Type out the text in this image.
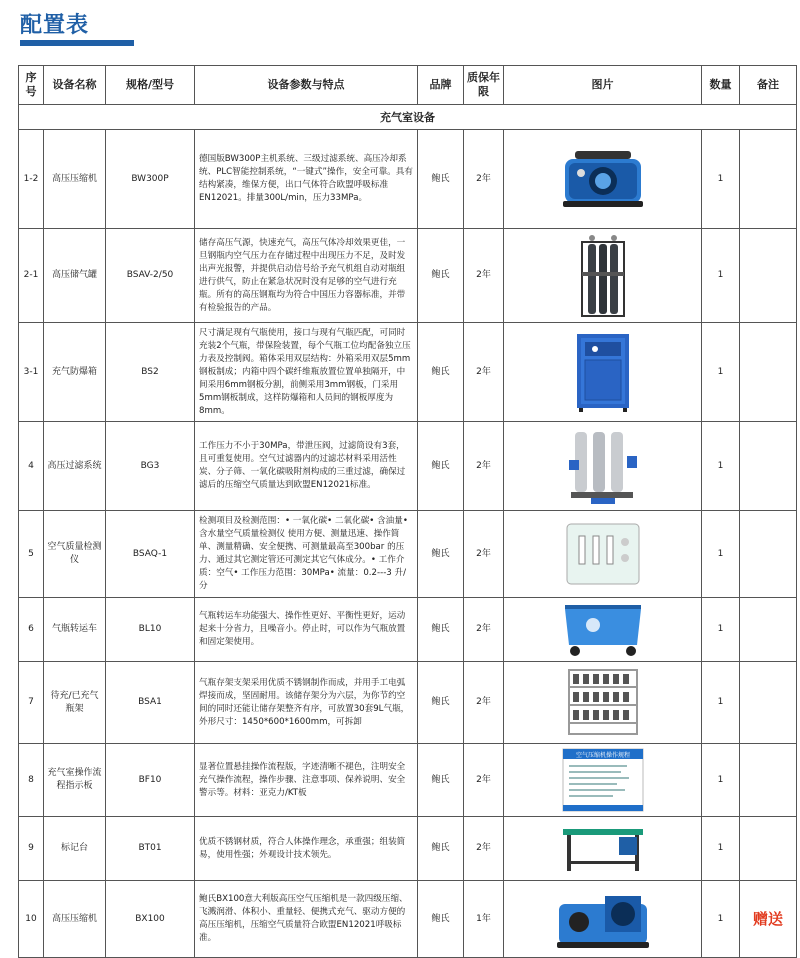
配置表
序号	设备名称	规格/型号	设备参数与特点	品牌	质保年限	图片	数量	备注
充气室设备								
1-2	高压压缩机	BW300P	德国版BW300P主机系统、三级过滤系统、高压冷却系统、PLC智能控制系统，“一键式”操作，安全可靠。具有结构紧凑，维保方便，出口气体符合欧盟呼吸标准EN12021。排量300L/min，压力33MPa。	鲍氏	2年		1	
2-1	高压储气罐	BSAV-2/50	储存高压气源，快速充气，高压气体冷却效果更佳，一旦钢瓶内空气压力在存储过程中出现压力不足，及时发出声光报警，并提供启动信号给予充气机组自动对瓶组进行供气，防止在紧急状况时没有足够的空气进行充瓶。所有的高压钢瓶均为符合中国压力容器标准，并带有检验报告的产品。	鲍氏	2年		1	
3-1	充气防爆箱	BS2	尺寸满足现有气瓶使用，接口与现有气瓶匹配，可同时充装2个气瓶，带保险装置，每个气瓶工位均配备独立压力表及控制阀。箱体采用双层结构：外箱采用双层5mm钢板制成；内箱中四个碳纤维瓶放置位置单独隔开，中间采用6mm钢板分割，前侧采用3mm钢板，门采用5mm钢板制成，这样防爆箱和人员间的钢板厚度为8mm。	鲍氏	2年		1	
4	高压过滤系统	BG3	工作压力不小于30MPa，带泄压阀，过滤筒设有3套，且可重复使用。空气过滤器内的过滤芯材料采用活性炭、分子筛、一氧化碳吸附剂构成的三重过滤，确保过滤后的压缩空气质量达到欧盟EN12021标准。	鲍氏	2年		1	
5	空气质量检测仪	BSAQ-1	检测项目及检测范围：• 一氧化碳• 二氧化碳• 含油量• 含水量空气质量检测仪 使用方便、测量迅速、操作简单、测量精确、安全便携、可测量最高至300bar 的压力、通过其它测定管还可测定其它气体成分。• 工作介质：空气• 工作压力范围：30MPa• 流量：0.2---3 升/分	鲍氏	2年		1	
6	气瓶转运车	BL10	气瓶转运车功能强大、操作性更好、平衡性更好，运动起来十分省力，且噪音小。停止时，可以作为气瓶放置和固定架使用。	鲍氏	2年		1	
7	待充/已充气瓶架	BSA1	气瓶存架支架采用优质不锈钢制作而成，并用手工电弧焊接而成，坚固耐用。该储存架分为六层，为你节约空间的同时还能让储存架整齐有序，可放置30套9L气瓶，外形尺寸：1450*600*1600mm，可拆卸	鲍氏	2年		1	
8	充气室操作流程指示板	BF10	显著位置悬挂操作流程版，字迹清晰不褪色，注明安全充气操作流程，操作步骤、注意事项、保养说明、安全警示等。材料：亚克力/KT板	鲍氏	2年	空气压缩机操作规程	1	
9	标记台	BT01	优质不锈钢材质，符合人体操作理念，承重强；组装简易，使用性强；外观设计技术领先。	鲍氏	2年		1	
10	高压压缩机	BX100	鲍氏BX100意大利版高压空气压缩机是一款四级压缩、飞溅润滑、体积小、重量轻、便携式充气、驱动方便的高压压缩机，压缩空气质量符合欧盟EN12021呼吸标准。	鲍氏	1年		1	赠送
